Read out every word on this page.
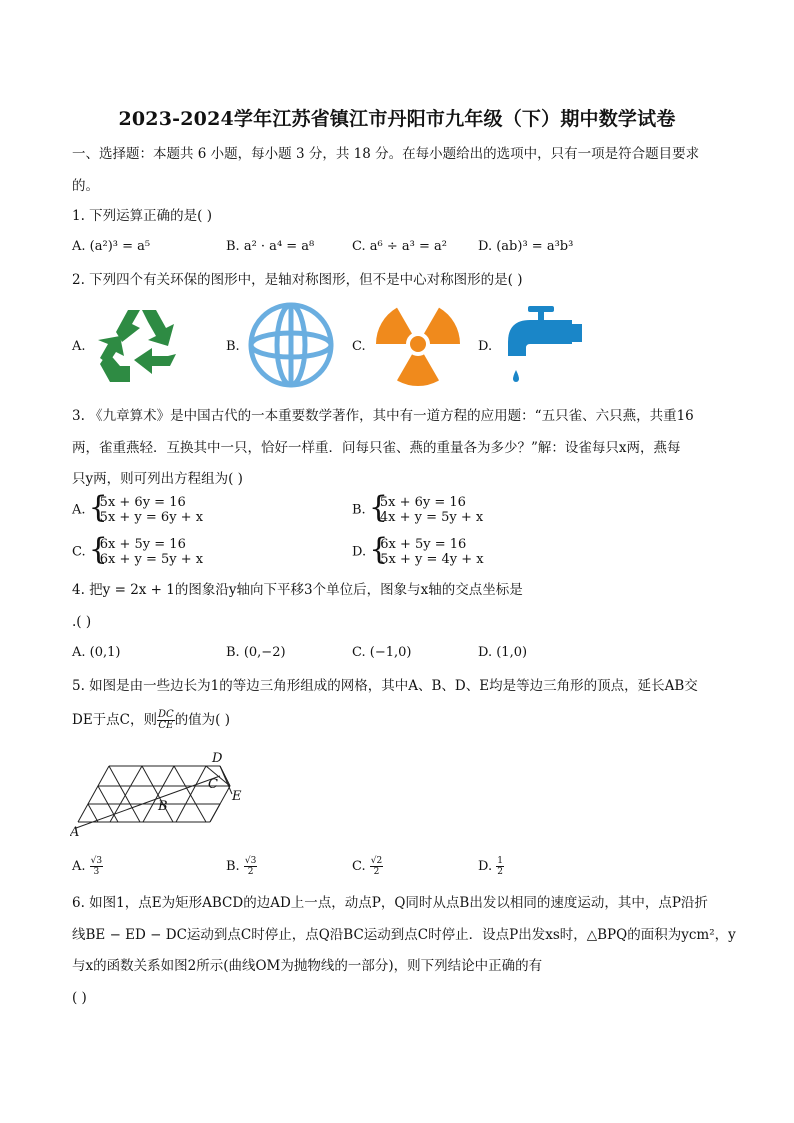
2023-2024学年江苏省镇江市丹阳市九年级（下）期中数学试卷
一、选择题：本题共 6 小题，每小题 3 分，共 18 分。在每小题给出的选项中，只有一项是符合题目要求
的。
1. 下列运算正确的是( )
A. (a²)³ = a⁵	B. a² · a⁴ = a⁸	C. a⁶ ÷ a³ = a² D. (ab)³ = a³b³
2. 下列四个有关环保的图形中，是轴对称图形，但不是中心对称图形的是( )
A.	B.	C.	D.
3. 《九章算术》是中国古代的一本重要数学著作，其中有一道方程的应用题：“五只雀、六只燕，共重16
两，雀重燕轻．互换其中一只，恰好一样重．问每只雀、燕的重量各为多少？”解：设雀每只x两，燕每
只y两，则可列出方程组为( )
A. { 5x + 6y = 16
5x + y = 6y + x	B. { 5x + 6y = 16
4x + y = 5y + x
C. { 6x + 5y = 16
6x + y = 5y + x	D. { 6x + 5y = 16
5x + y = 4y + x
4. 把y = 2x + 1的图象沿y轴向下平移3个单位后，图象与x轴的交点坐标是
.( )
A. (0,1)	B. (0,−2)	C. (−1,0)	D. (1,0)
5. 如图是由一些边长为1的等边三角形组成的网格，其中A、B、D、E均是等边三角形的顶点，延长AB交
DE于点C，则 $\frac{DC}{CE}$ 的值为( )
A
B
C
D
E
A. $\frac{√3}{3}$	B. $\frac{√3}{2}$	C. $\frac{√2}{2}$	D. $\frac{1}{2}$
6. 如图1，点E为矩形ABCD的边AD上一点，动点P，Q同时从点B出发以相同的速度运动，其中，点P沿折
线BE − ED − DC运动到点C时停止，点Q沿BC运动到点C时停止．设点P出发xs时，△BPQ的面积为ycm²，y
与x的函数关系如图2所示(曲线OM为抛物线的一部分)，则下列结论中正确的有
( )
